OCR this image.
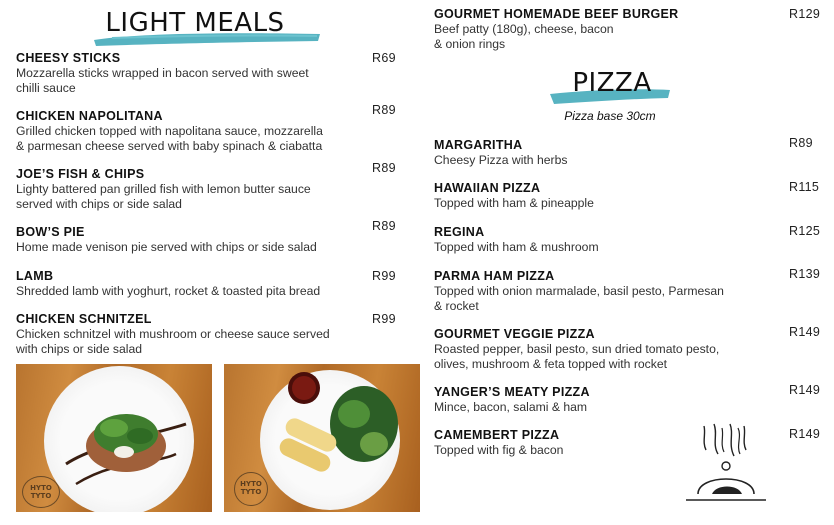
LIGHT MEALS
CHEESY STICKS
Mozzarella sticks wrapped in bacon served with sweet
chilli sauce
R69
CHICKEN NAPOLITANA
Grilled chicken topped with napolitana sauce, mozzarella
& parmesan cheese served with baby spinach & ciabatta
R89
JOE’S FISH & CHIPS
Lighty battered pan grilled fish with lemon butter sauce
served with chips or side salad
R89
BOW’S PIE
Home made venison pie served with chips or side salad
R89
LAMB
Shredded lamb with yoghurt, rocket & toasted pita bread
R99
CHICKEN SCHNITZEL
Chicken schnitzel with mushroom or cheese sauce served
with chips or side salad
R99
HYTO
TYTO
HYTO
TYTO
GOURMET HOMEMADE BEEF BURGER
Beef patty (180g), cheese, bacon
& onion rings
R129
PIZZA
Pizza base 30cm
MARGARITHA
Cheesy Pizza with herbs
R89
HAWAIIAN PIZZA
Topped with ham & pineapple
R115
REGINA
Topped with ham & mushroom
R125
PARMA HAM PIZZA
Topped with onion marmalade, basil pesto, Parmesan
& rocket
R139
GOURMET VEGGIE PIZZA
Roasted pepper, basil pesto, sun dried tomato pesto,
olives, mushroom & feta topped with rocket
R149
YANGER’S MEATY PIZZA
Mince, bacon, salami & ham
R149
CAMEMBERT PIZZA
Topped with fig & bacon
R149
